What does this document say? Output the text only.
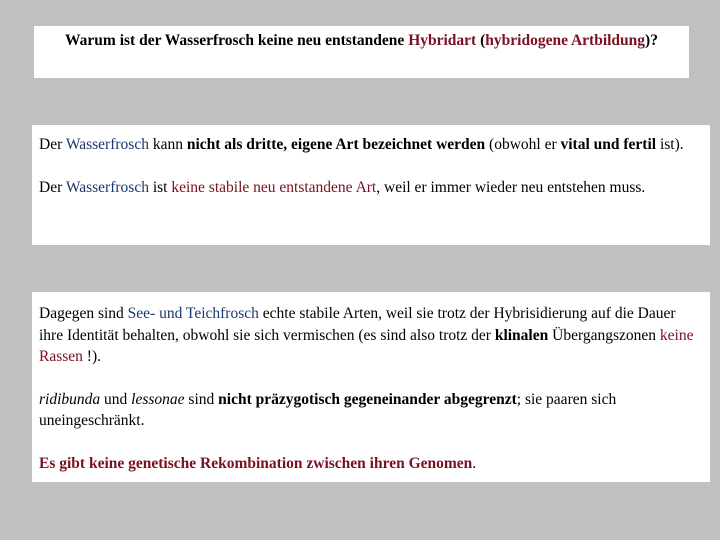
Warum ist der Wasserfrosch keine neu entstandene Hybridart (hybridogene Artbildung)?

Der Wasserfrosch kann nicht als dritte, eigene Art bezeichnet werden (obwohl er vital und fertil ist).

Der Wasserfrosch ist keine stabile neu entstandene Art, weil er immer wieder neu entstehen muss.

Dagegen sind See- und Teichfrosch echte stabile Arten, weil sie trotz der Hybrisidierung auf die Dauer ihre Identität behalten, obwohl sie sich vermischen (es sind also trotz der klinalen Übergangszonen keine Rassen !).

ridibunda und lessonae sind nicht präzygotisch gegeneinander abgegrenzt; sie paaren sich uneingeschränkt.

Es gibt keine genetische Rekombination zwischen ihren Genomen.
